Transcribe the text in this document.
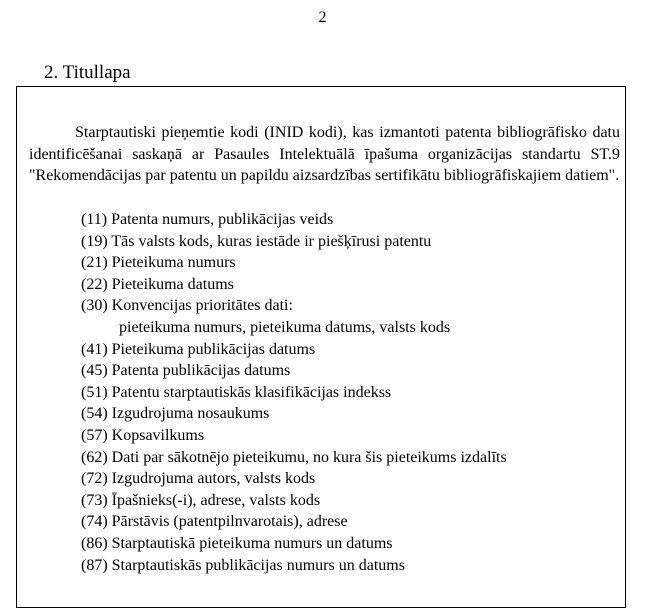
2
2. Titullapa

Starptautiski pieņemtie kodi (INID kodi), kas izmantoti patenta bibliogrāfisko datu identificēšanai saskaņā ar Pasaules Intelektuālā īpašuma organizācijas standartu ST.9 "Rekomendācijas par patentu un papildu aizsardzības sertifikātu bibliogrāfiskajiem datiem".

(11) Patenta numurs, publikācijas veids
(19) Tās valsts kods, kuras iestāde ir piešķīrusi patentu
(21) Pieteikuma numurs
(22) Pieteikuma datums
(30) Konvencijas prioritātes dati:
pieteikuma numurs, pieteikuma datums, valsts kods
(41) Pieteikuma publikācijas datums
(45) Patenta publikācijas datums
(51) Patentu starptautiskās klasifikācijas indekss
(54) Izgudrojuma nosaukums
(57) Kopsavilkums
(62) Dati par sākotnējo pieteikumu, no kura šis pieteikums izdalīts
(72) Izgudrojuma autors, valsts kods
(73) Īpašnieks(-i), adrese, valsts kods
(74) Pārstāvis (patentpilnvarotais), adrese
(86) Starptautiskā pieteikuma numurs un datums
(87) Starptautiskās publikācijas numurs un datums
